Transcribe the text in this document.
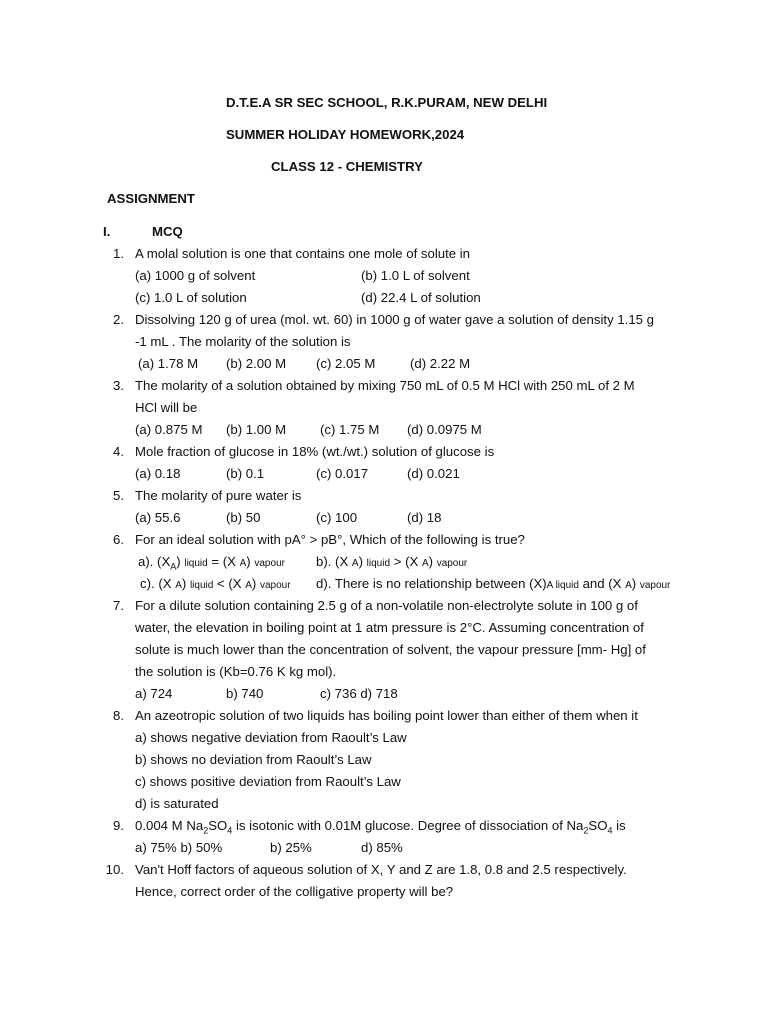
D.T.E.A SR SEC SCHOOL, R.K.PURAM, NEW DELHI
SUMMER HOLIDAY HOMEWORK,2024
CLASS 12 - CHEMISTRY
ASSIGNMENT
I.	MCQ
1. A molal solution is one that contains one mole of solute in
(a) 1000 g of solvent	(b) 1.0 L of solvent
(c) 1.0 L of solution	(d) 22.4 L of solution
2. Dissolving 120 g of urea (mol. wt. 60) in 1000 g of water gave a solution of density 1.15 g
-1 mL . The molarity of the solution is
(a) 1.78 M (b) 2.00 M (c) 2.05 M	(d) 2.22 M
3. The molarity of a solution obtained by mixing 750 mL of 0.5 M HCl with 250 mL of 2 M
HCl will be
(a) 0.875 M (b) 1.00 M	(c) 1.75 M (d) 0.0975 M
4. Mole fraction of glucose in 18% (wt./wt.) solution of glucose is
(a) 0.18	(b) 0.1	(c) 0.017	(d) 0.021
5. The molarity of pure water is
(a) 55.6	(b) 50	(c) 100	(d) 18
6. For an ideal solution with pA° > pB°, Which of the following is true?
a). $(X_A)$ liquid = (X A) vapour b). (X A) liquid > (X A) vapour
c). (X A) liquid < (X A) vapour d). There is no relationship between (X)A liquid and (X A) vapour
7. For a dilute solution containing 2.5 g of a non-volatile non-electrolyte solute in 100 g of
water, the elevation in boiling point at 1 atm pressure is 2°C. Assuming concentration of
solute is much lower than the concentration of solvent, the vapour pressure [mm- Hg] of
the solution is (Kb=0.76 K kg mol).
a) 724	b) 740	c) 736 d) 718
8. An azeotropic solution of two liquids has boiling point lower than either of them when it
a) shows negative deviation from Raoult’s Law
b) shows no deviation from Raoult’s Law
c) shows positive deviation from Raoult’s Law
d) is saturated
9. 0.004 M $Na_2SO_4$ is isotonic with 0.01M glucose. Degree of dissociation of $Na_2SO_4$ is
a) 75% b) 50%	b) 25%	d) 85%
10. Van't Hoff factors of aqueous solution of X, Y and Z are 1.8, 0.8 and 2.5 respectively.
Hence, correct order of the colligative property will be?
